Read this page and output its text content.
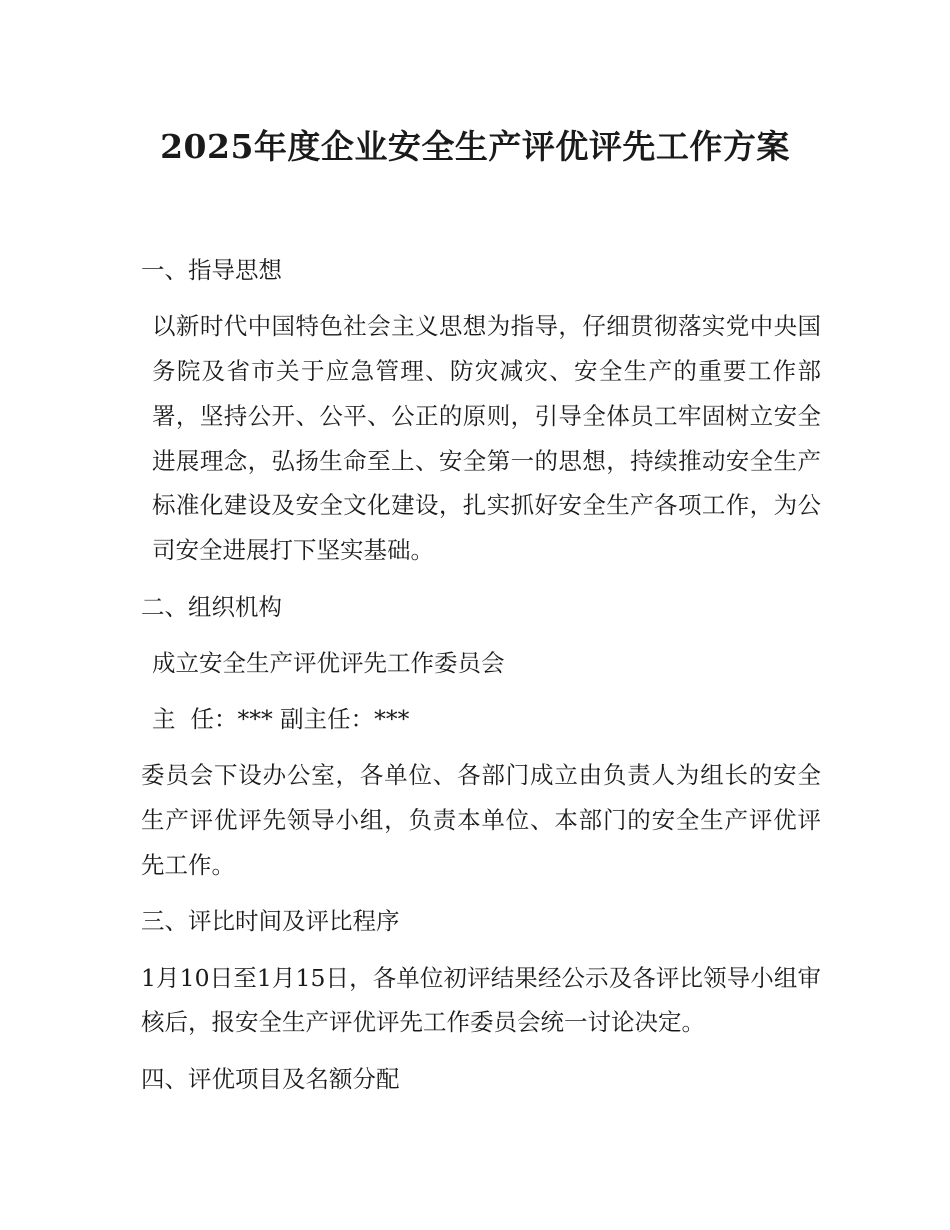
2025年度企业安全生产评优评先工作方案

一、指导思想

以新时代中国特色社会主义思想为指导，仔细贯彻落实党中央国务院及省市关于应急管理、防灾减灾、安全生产的重要工作部署，坚持公开、公平、公正的原则，引导全体员工牢固树立安全进展理念，弘扬生命至上、安全第一的思想，持续推动安全生产标准化建设及安全文化建设，扎实抓好安全生产各项工作，为公司安全进展打下坚实基础。

二、组织机构

成立安全生产评优评先工作委员会

主  任：*** 副主任：***

委员会下设办公室，各单位、各部门成立由负责人为组长的安全生产评优评先领导小组，负责本单位、本部门的安全生产评优评先工作。

三、评比时间及评比程序

1月10日至1月15日，各单位初评结果经公示及各评比领导小组审核后，报安全生产评优评先工作委员会统一讨论决定。

四、评优项目及名额分配
